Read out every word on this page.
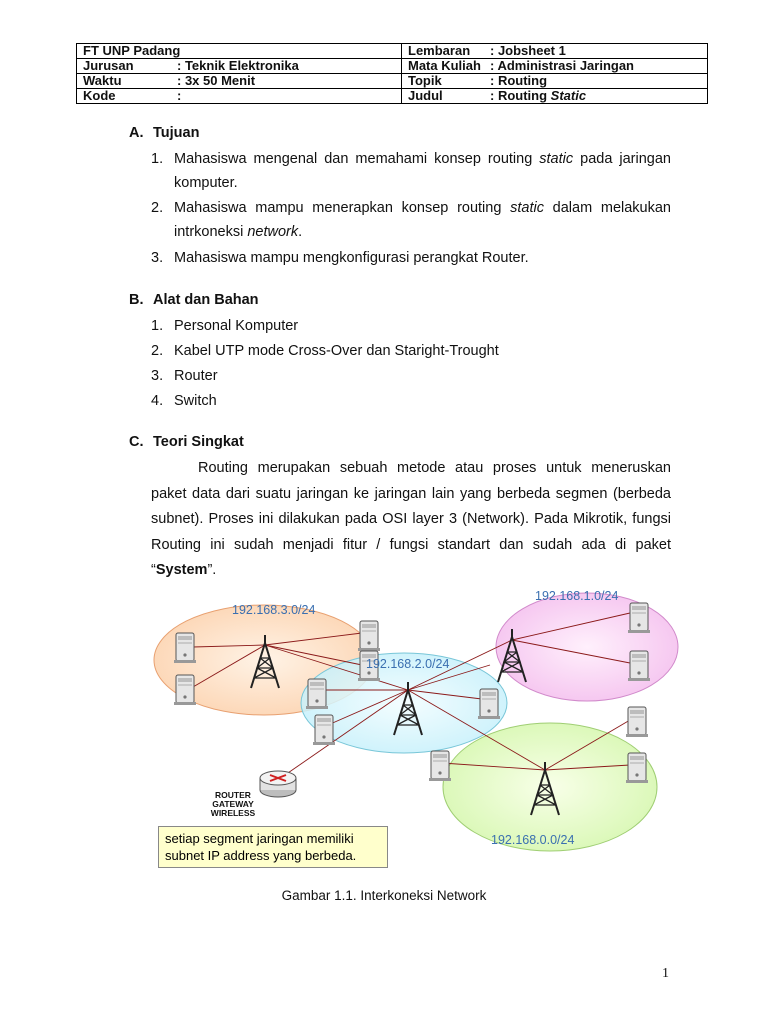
FT UNP Padang	Lembaran : Jobsheet 1
Jurusan : Teknik Elektronika	Mata Kuliah : Administrasi Jaringan
Waktu : 3x 50 Menit	Topik : Routing
Kode :	Judul : Routing Static
A. Tujuan
1. Mahasiswa mengenal dan memahami konsep routing static pada jaringan komputer.
2. Mahasiswa mampu menerapkan konsep routing static dalam melakukan intrkoneksi network.
3. Mahasiswa mampu mengkonfigurasi perangkat Router.
B. Alat dan Bahan
1. Personal Komputer
2. Kabel UTP mode Cross-Over dan Staright-Trought
3. Router
4. Switch
C. Teori Singkat
Routing merupakan sebuah metode atau proses untuk meneruskan paket data dari suatu jaringan ke jaringan lain yang berbeda segmen (berbeda subnet). Proses ini dilakukan pada OSI layer 3 (Network). Pada Mikrotik, fungsi Routing ini sudah menjadi fitur / fungsi standart dan sudah ada di paket “System”.
192.168.3.0/24
192.168.1.0/24
192.168.2.0/24
192.168.0.0/24
ROUTER
GATEWAY
WIRELESS
setiap segment jaringan memiliki
subnet IP address yang berbeda.
Gambar 1.1. Interkoneksi Network
1
